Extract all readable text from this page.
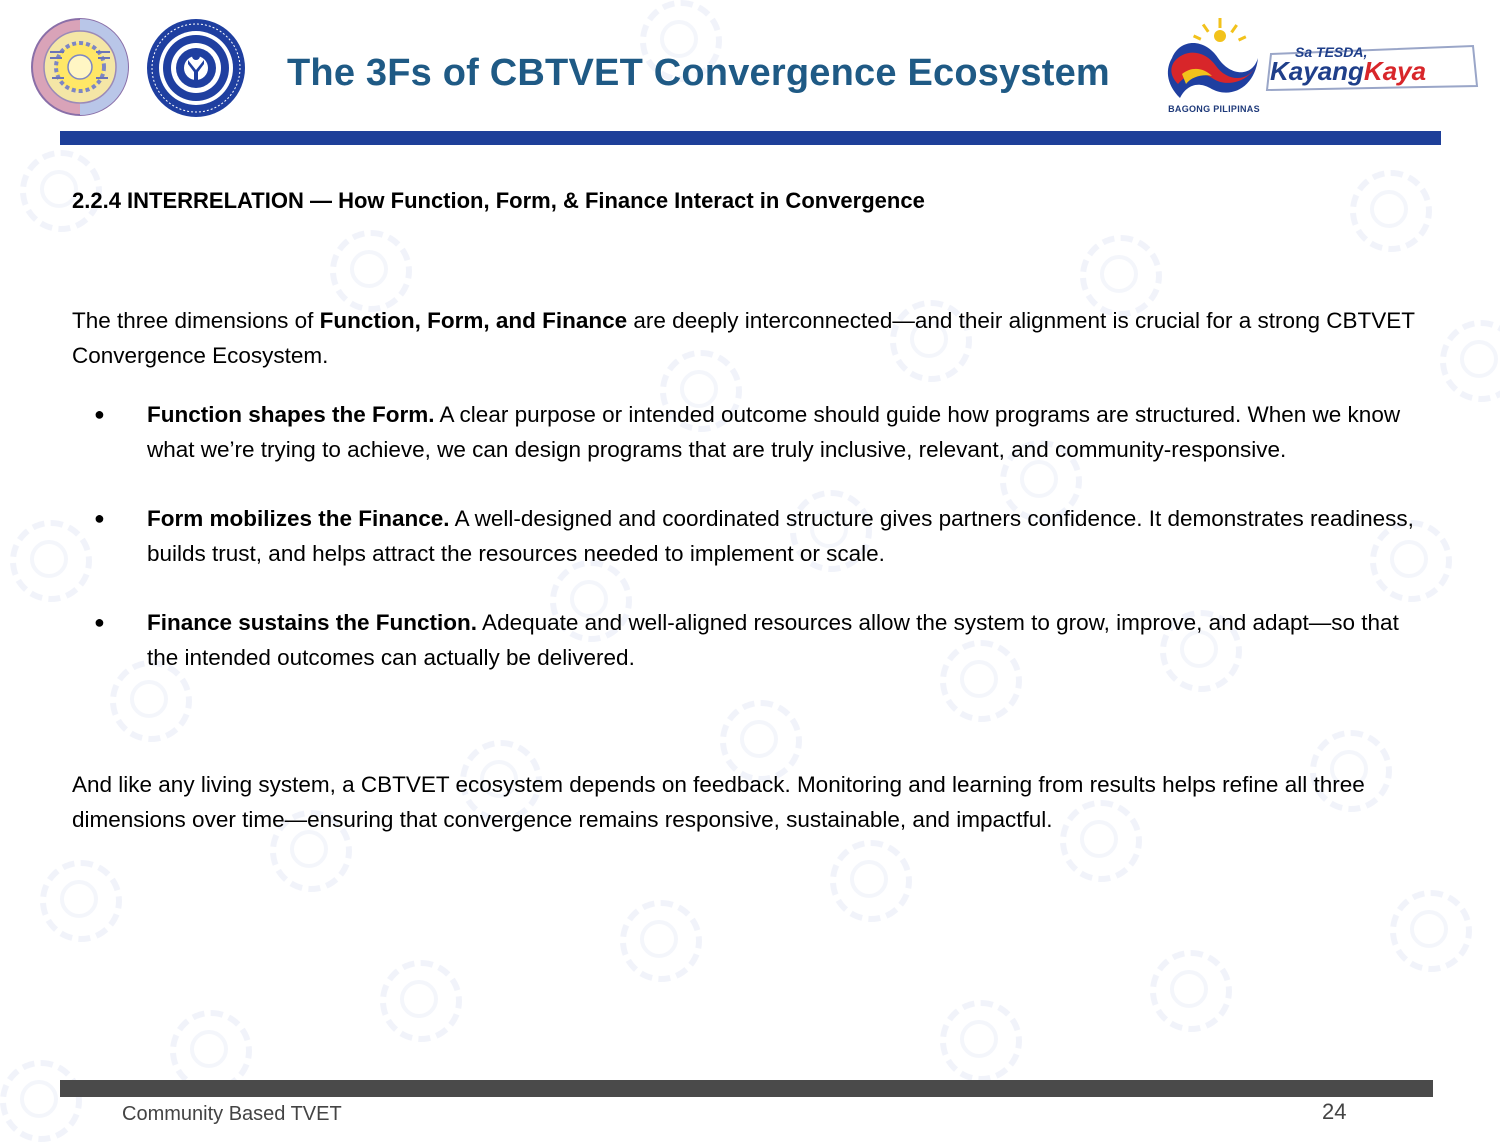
The 3Fs of CBTVET Convergence Ecosystem
BAGONG PILIPINAS
Sa TESDA,
KayangKaya
2.2.4 INTERRELATION — How Function, Form, & Finance Interact in Convergence

The three dimensions of Function, Form, and Finance are deeply interconnected—and their alignment is crucial for a strong CBTVET Convergence Ecosystem.

● Function shapes the Form. A clear purpose or intended outcome should guide how programs are structured. When we know what we’re trying to achieve, we can design programs that are truly inclusive, relevant, and community-responsive.
● Form mobilizes the Finance. A well-designed and coordinated structure gives partners confidence. It demonstrates readiness, builds trust, and helps attract the resources needed to implement or scale.
● Finance sustains the Function. Adequate and well-aligned resources allow the system to grow, improve, and adapt—so that the intended outcomes can actually be delivered.

And like any living system, a CBTVET ecosystem depends on feedback. Monitoring and learning from results helps refine all three dimensions over time—ensuring that convergence remains responsive, sustainable, and impactful.

Community Based TVET	24
